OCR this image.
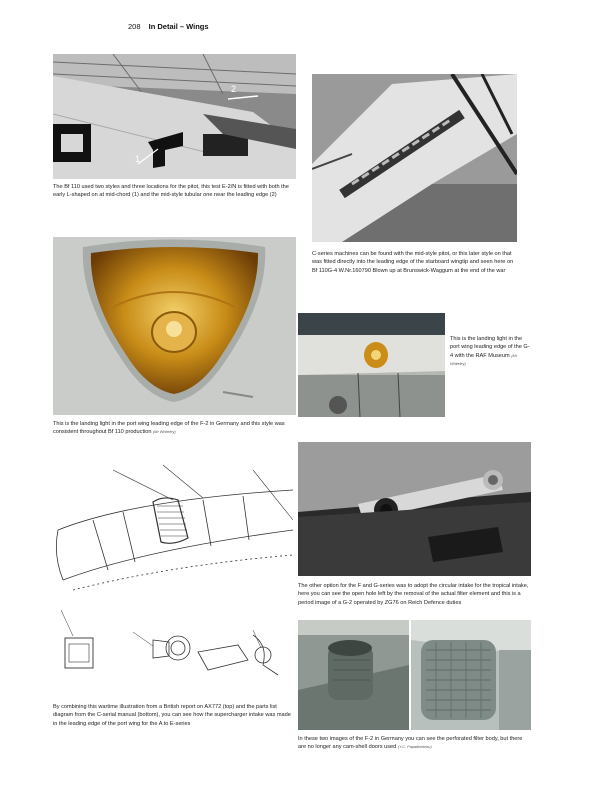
208 In Detail – Wings
2
1
The Bf 110 used two styles and three locations for the pitot, this test E-2/N is fitted with both the early L-shaped on at mid-chord (1) and the mid-style tubular one near the leading edge (2)
C-series machines can be found with the mid-style pitot, or this later style on that was fitted directly into the leading edge of the starboard wingtip and seen here on Bf 110G-4 W.Nr.160790 Blown up at Brunswick-Waggum at the end of the war
This is the landing light in the port wing leading edge of the F-2 in Germany and this style was consistent throughout Bf 110 production (Mr Whiteley)
This is the landing light in the port wing leading edge of the G-4 with the RAF Museum (Mr Whiteley)
The other option for the F and G-series was to adopt the circular intake for the tropical intake, here you can see the open hole left by the removal of the actual filter element and this is a period image of a G-2 operated by ZG76 on Reich Defence duties
By combining this wartime illustration from a British report on AX772 (top) and the parts list diagram from the C-serial manual (bottom), you can see how the supercharger intake was made in the leading edge of the port wing for the A to E-series
In these two images of the F-2 in Germany you can see the perforated filter body, but there are no longer any cam-shell doors used (Y.C. Papadimitriou)
